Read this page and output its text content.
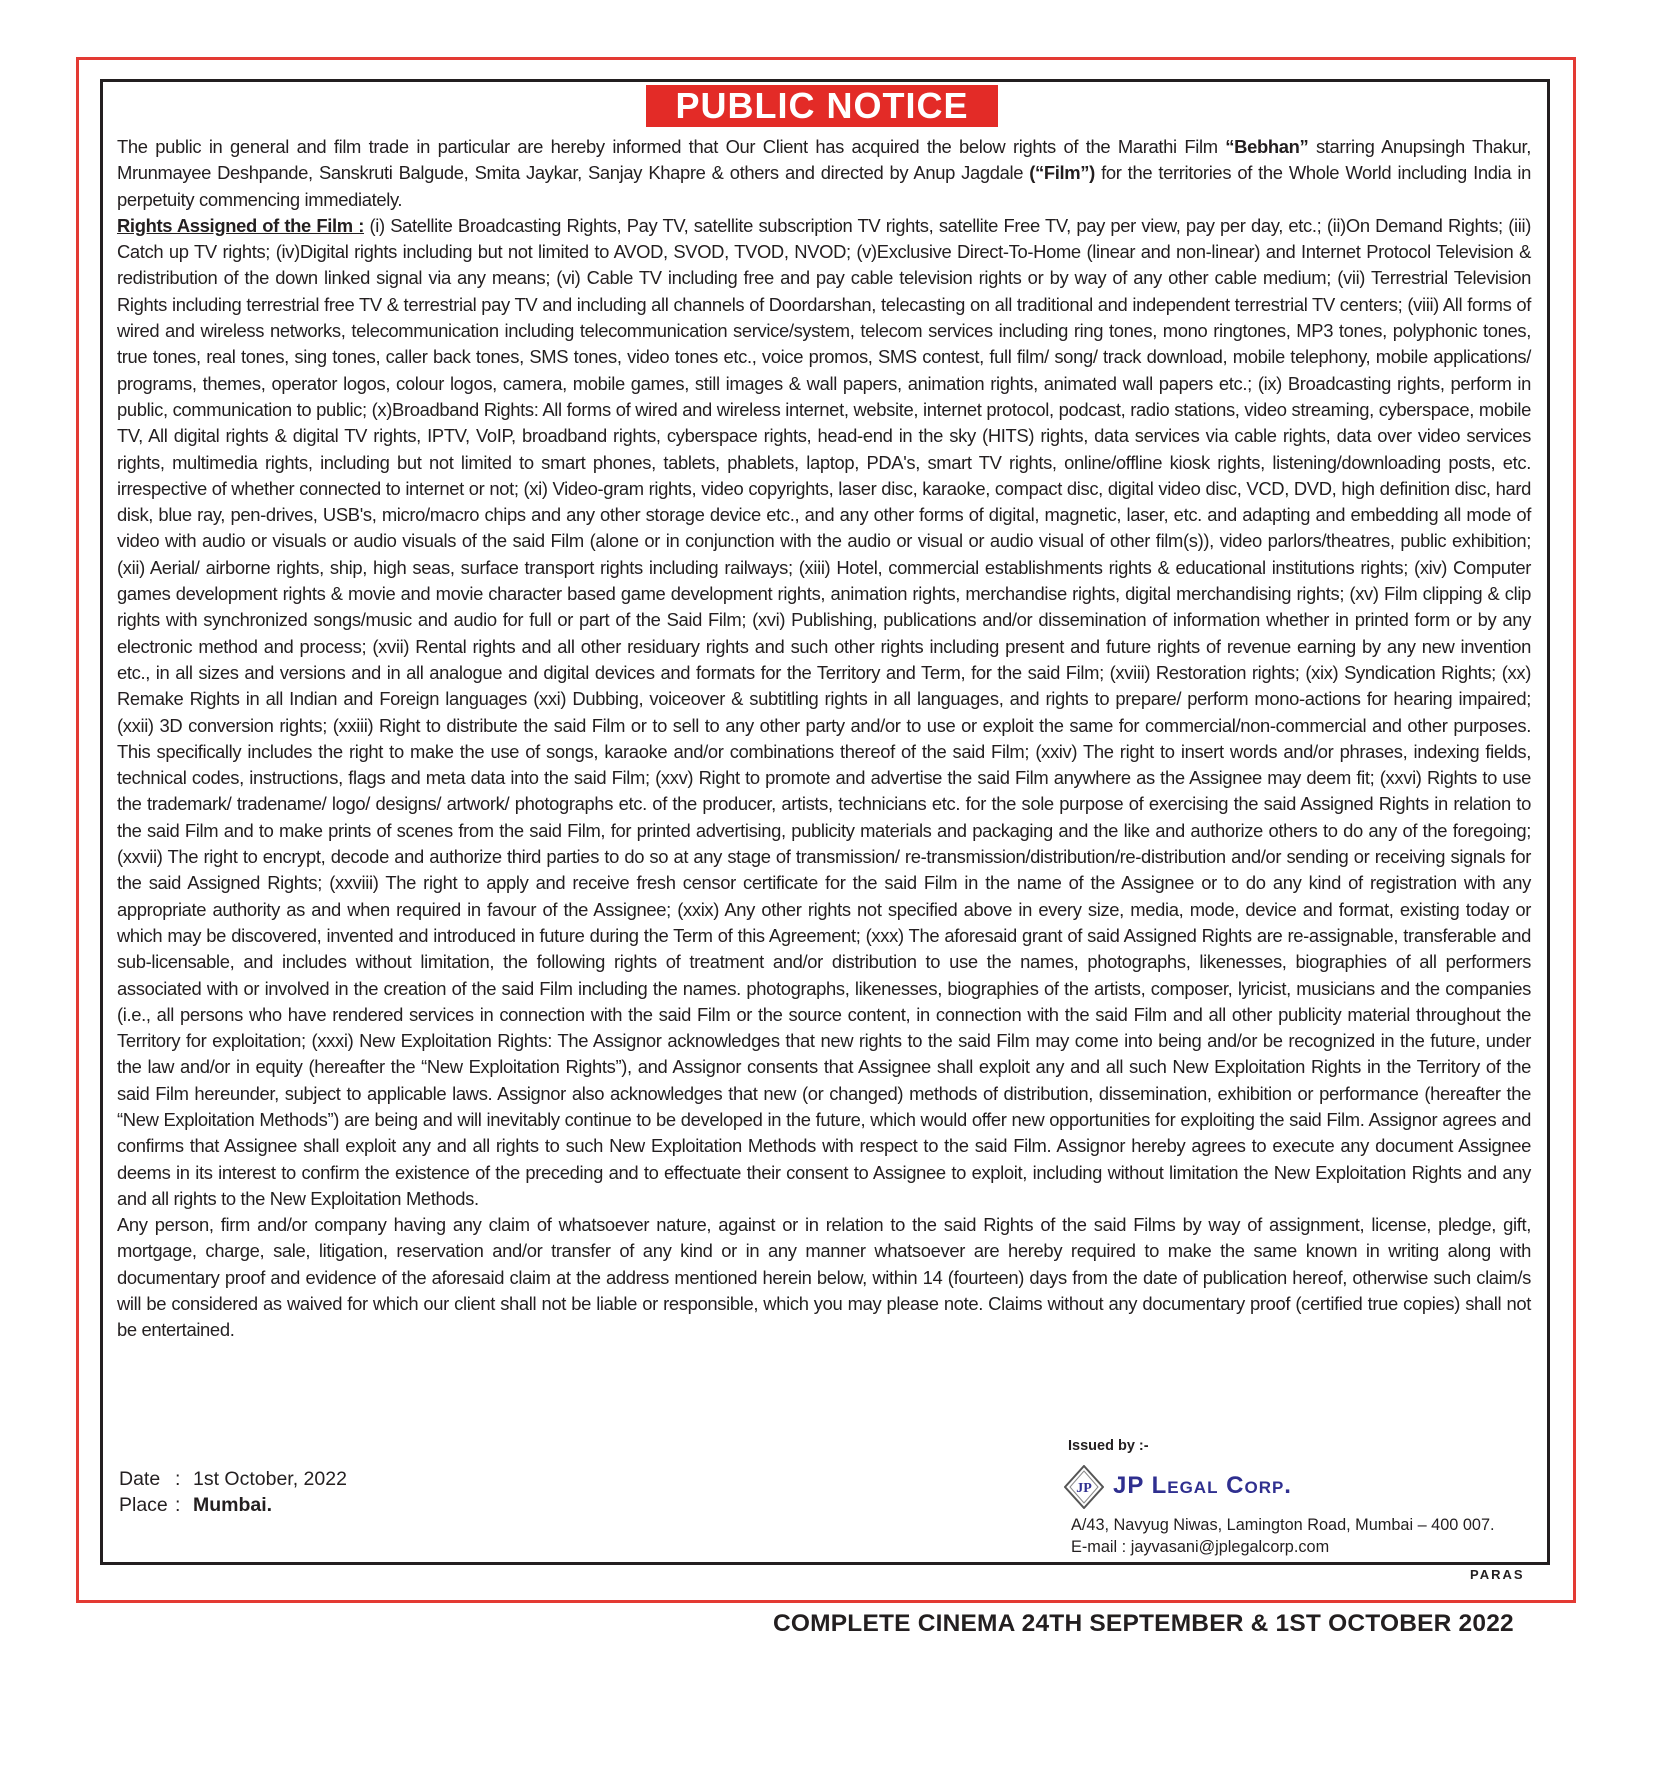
PUBLIC NOTICE

The public in general and film trade in particular are hereby informed that Our Client has acquired the below rights of the Marathi Film “Bebhan” starring Anupsingh Thakur, Mrunmayee Deshpande, Sanskruti Balgude, Smita Jaykar, Sanjay Khapre & others and directed by Anup Jagdale (“Film”) for the territories of the Whole World including India in perpetuity commencing immediately.

Rights Assigned of the Film : (i) Satellite Broadcasting Rights, Pay TV, satellite subscription TV rights, satellite Free TV, pay per view, pay per day, etc.; (ii)On Demand Rights; (iii) Catch up TV rights; (iv)Digital rights including but not limited to AVOD, SVOD, TVOD, NVOD; (v)Exclusive Direct-To-Home (linear and non-linear) and Internet Protocol Television & redistribution of the down linked signal via any means; (vi) Cable TV including free and pay cable television rights or by way of any other cable medium; (vii) Terrestrial Television Rights including terrestrial free TV & terrestrial pay TV and including all channels of Doordarshan, telecasting on all traditional and independent terrestrial TV centers; (viii) All forms of wired and wireless networks, telecommunication including telecommunication service/system, telecom services including ring tones, mono ringtones, MP3 tones, polyphonic tones, true tones, real tones, sing tones, caller back tones, SMS tones, video tones etc., voice promos, SMS contest, full film/ song/ track download, mobile telephony, mobile applications/ programs, themes, operator logos, colour logos, camera, mobile games, still images & wall papers, animation rights, animated wall papers etc.; (ix) Broadcasting rights, perform in public, communication to public; (x)Broadband Rights: All forms of wired and wireless internet, website, internet protocol, podcast, radio stations, video streaming, cyberspace, mobile TV, All digital rights & digital TV rights, IPTV, VoIP, broadband rights, cyberspace rights, head-end in the sky (HITS) rights, data services via cable rights, data over video services rights, multimedia rights, including but not limited to smart phones, tablets, phablets, laptop, PDA's, smart TV rights, online/offline kiosk rights, listening/downloading posts, etc. irrespective of whether connected to internet or not; (xi) Video-gram rights, video copyrights, laser disc, karaoke, compact disc, digital video disc, VCD, DVD, high definition disc, hard disk, blue ray, pen-drives, USB's, micro/macro chips and any other storage device etc., and any other forms of digital, magnetic, laser, etc. and adapting and embedding all mode of video with audio or visuals or audio visuals of the said Film (alone or in conjunction with the audio or visual or audio visual of other film(s)), video parlors/theatres, public exhibition; (xii) Aerial/ airborne rights, ship, high seas, surface transport rights including railways; (xiii) Hotel, commercial establishments rights & educational institutions rights; (xiv) Computer games development rights & movie and movie character based game development rights, animation rights, merchandise rights, digital merchandising rights; (xv) Film clipping & clip rights with synchronized songs/music and audio for full or part of the Said Film; (xvi) Publishing, publications and/or dissemination of information whether in printed form or by any electronic method and process; (xvii) Rental rights and all other residuary rights and such other rights including present and future rights of revenue earning by any new invention etc., in all sizes and versions and in all analogue and digital devices and formats for the Territory and Term, for the said Film; (xviii) Restoration rights; (xix) Syndication Rights; (xx) Remake Rights in all Indian and Foreign languages (xxi) Dubbing, voiceover & subtitling rights in all languages, and rights to prepare/ perform mono-actions for hearing impaired; (xxii) 3D conversion rights; (xxiii) Right to distribute the said Film or to sell to any other party and/or to use or exploit the same for commercial/non-commercial and other purposes. This specifically includes the right to make the use of songs, karaoke and/or combinations thereof of the said Film; (xxiv) The right to insert words and/or phrases, indexing fields, technical codes, instructions, flags and meta data into the said Film; (xxv) Right to promote and advertise the said Film anywhere as the Assignee may deem fit; (xxvi) Rights to use the trademark/ tradename/ logo/ designs/ artwork/ photographs etc. of the producer, artists, technicians etc. for the sole purpose of exercising the said Assigned Rights in relation to the said Film and to make prints of scenes from the said Film, for printed advertising, publicity materials and packaging and the like and authorize others to do any of the foregoing; (xxvii) The right to encrypt, decode and authorize third parties to do so at any stage of transmission/ re-transmission/distribution/re-distribution and/or sending or receiving signals for the said Assigned Rights; (xxviii) The right to apply and receive fresh censor certificate for the said Film in the name of the Assignee or to do any kind of registration with any appropriate authority as and when required in favour of the Assignee; (xxix) Any other rights not specified above in every size, media, mode, device and format, existing today or which may be discovered, invented and introduced in future during the Term of this Agreement; (xxx) The aforesaid grant of said Assigned Rights are re-assignable, transferable and sub-licensable, and includes without limitation, the following rights of treatment and/or distribution to use the names, photographs, likenesses, biographies of all performers associated with or involved in the creation of the said Film including the names. photographs, likenesses, biographies of the artists, composer, lyricist, musicians and the companies (i.e., all persons who have rendered services in connection with the said Film or the source content, in connection with the said Film and all other publicity material throughout the Territory for exploitation; (xxxi) New Exploitation Rights: The Assignor acknowledges that new rights to the said Film may come into being and/or be recognized in the future, under the law and/or in equity (hereafter the “New Exploitation Rights”), and Assignor consents that Assignee shall exploit any and all such New Exploitation Rights in the Territory of the said Film hereunder, subject to applicable laws. Assignor also acknowledges that new (or changed) methods of distribution, dissemination, exhibition or performance (hereafter the “New Exploitation Methods”) are being and will inevitably continue to be developed in the future, which would offer new opportunities for exploiting the said Film. Assignor agrees and confirms that Assignee shall exploit any and all rights to such New Exploitation Methods with respect to the said Film. Assignor hereby agrees to execute any document Assignee deems in its interest to confirm the existence of the preceding and to effectuate their consent to Assignee to exploit, including without limitation the New Exploitation Rights and any and all rights to the New Exploitation Methods.

Any person, firm and/or company having any claim of whatsoever nature, against or in relation to the said Rights of the said Films by way of assignment, license, pledge, gift, mortgage, charge, sale, litigation, reservation and/or transfer of any kind or in any manner whatsoever are hereby required to make the same known in writing along with documentary proof and evidence of the aforesaid claim at the address mentioned herein below, within 14 (fourteen) days from the date of publication hereof, otherwise such claim/s will be considered as waived for which our client shall not be liable or responsible, which you may please note. Claims without any documentary proof (certified true copies) shall not be entertained.

Date : 1st October, 2022
Place : Mumbai.
Issued by :-
JP JP Legal Corp.
A/43, Navyug Niwas, Lamington Road, Mumbai – 400 007.
E-mail : jayvasani@jplegalcorp.com
PARAS
COMPLETE CINEMA 24TH SEPTEMBER & 1ST OCTOBER 2022
